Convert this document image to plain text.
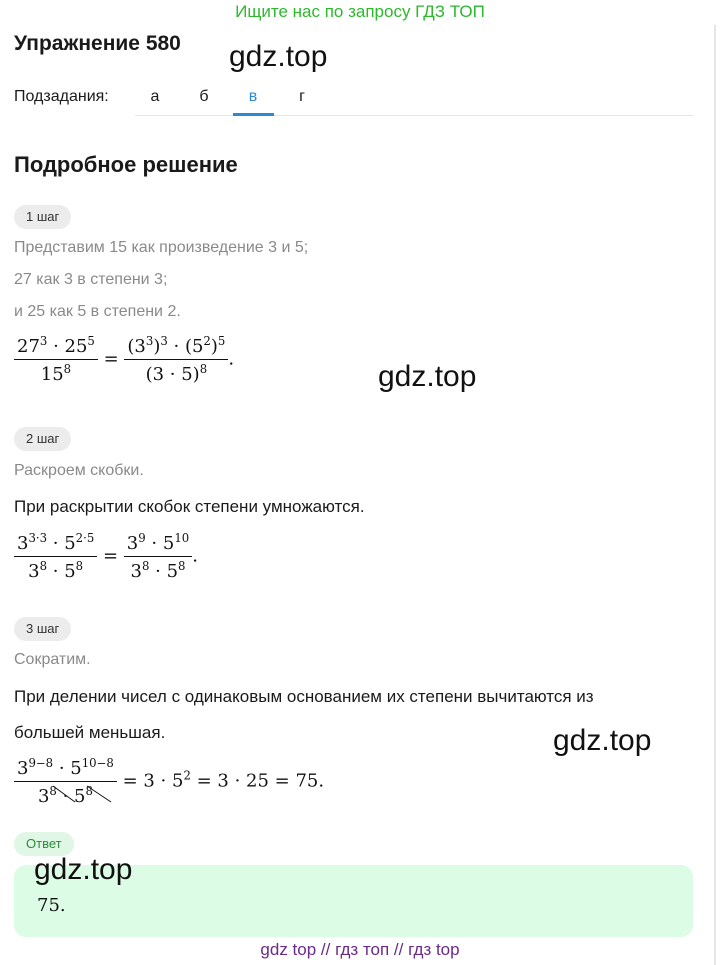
Ищите нас по запросу ГДЗ ТОП
Упражнение 580 gdz.top
Подзадания:	а	б	в	г
Подробное решение
1 шаг
Представим 15 как произведение 3 и 5;
27 как 3 в степени 3;
и 25 как 5 в степени 2.
$\frac{27^3 \cdot 25^5}{15^8} = \frac{(3^3)^3 \cdot (5^2)^5}{(3 \cdot 5)^8}$ .
gdz.top
2 шаг
Раскроем скобки.
При раскрытии скобок степени умножаются.
$\frac{3^{3\cdot 3} \cdot 5^{2\cdot 5}}{3^8 \cdot 5^8} = \frac{3^9 \cdot 5^{10}}{3^8 \cdot 5^8}$ .
3 шаг
Сократим.
При делении чисел с одинаковым основанием их степени вычитаются из
большей меньшая.	gdz.top
$\frac{3^{9-8} \cdot 5^{10-8}}{3^8 \cdot 5^8} = 3 \cdot 5^2 = 3 \cdot 25 = 75$.
Ответ
gdz.top
75.
gdz top // гдз топ // гдз top
